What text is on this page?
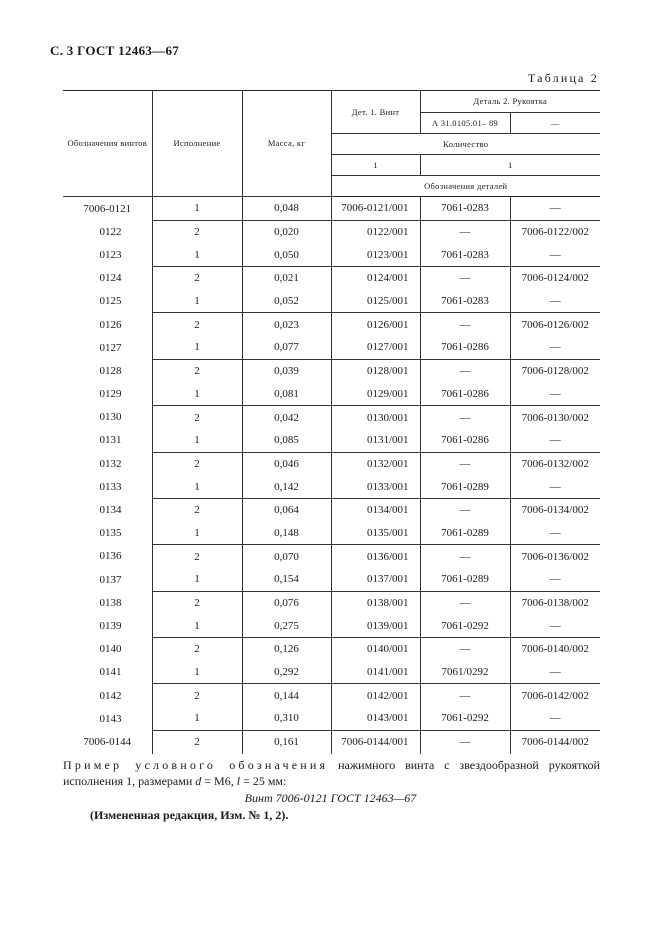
С. 3 ГОСТ 12463—67
Таблица 2
Обозначения винтов	Исполнение	Масса, кг	Дет. 1. Винт	Деталь 2. Рукоятка	
				А 31.0105.01– 89	—
			Количество		
			1	1	
			Обозначения деталей		
7006-0121	1	0,048	7006-0121/001	7061-0283	—
0122	2	0,020	0122/001	—	7006-0122/002
0123	1	0,050	0123/001	7061-0283	—
0124	2	0,021	0124/001	—	7006-0124/002
0125	1	0,052	0125/001	7061-0283	—
0126	2	0,023	0126/001	—	7006-0126/002
0127	1	0,077	0127/001	7061-0286	—
0128	2	0,039	0128/001	—	7006-0128/002
0129	1	0,081	0129/001	7061-0286	—
0130	2	0,042	0130/001	—	7006-0130/002
0131	1	0,085	0131/001	7061-0286	—
0132	2	0,046	0132/001	—	7006-0132/002
0133	1	0,142	0133/001	7061-0289	—
0134	2	0,064	0134/001	—	7006-0134/002
0135	1	0,148	0135/001	7061-0289	—
0136	2	0,070	0136/001	—	7006-0136/002
0137	1	0,154	0137/001	7061-0289	—
0138	2	0,076	0138/001	—	7006-0138/002
0139	1	0,275	0139/001	7061-0292	—
0140	2	0,126	0140/001	—	7006-0140/002
0141	1	0,292	0141/001	7061/0292	—
0142	2	0,144	0142/001	—	7006-0142/002
0143	1	0,310	0143/001	7061-0292	—
7006-0144	2	0,161	7006-0144/001	—	7006-0144/002
Пример условного обозначения нажимного винта с звездообразной рукояткой исполнения 1, размерами d = М6, l = 25 мм:
Винт 7006-0121 ГОСТ 12463—67
(Измененная редакция, Изм. № 1, 2).
